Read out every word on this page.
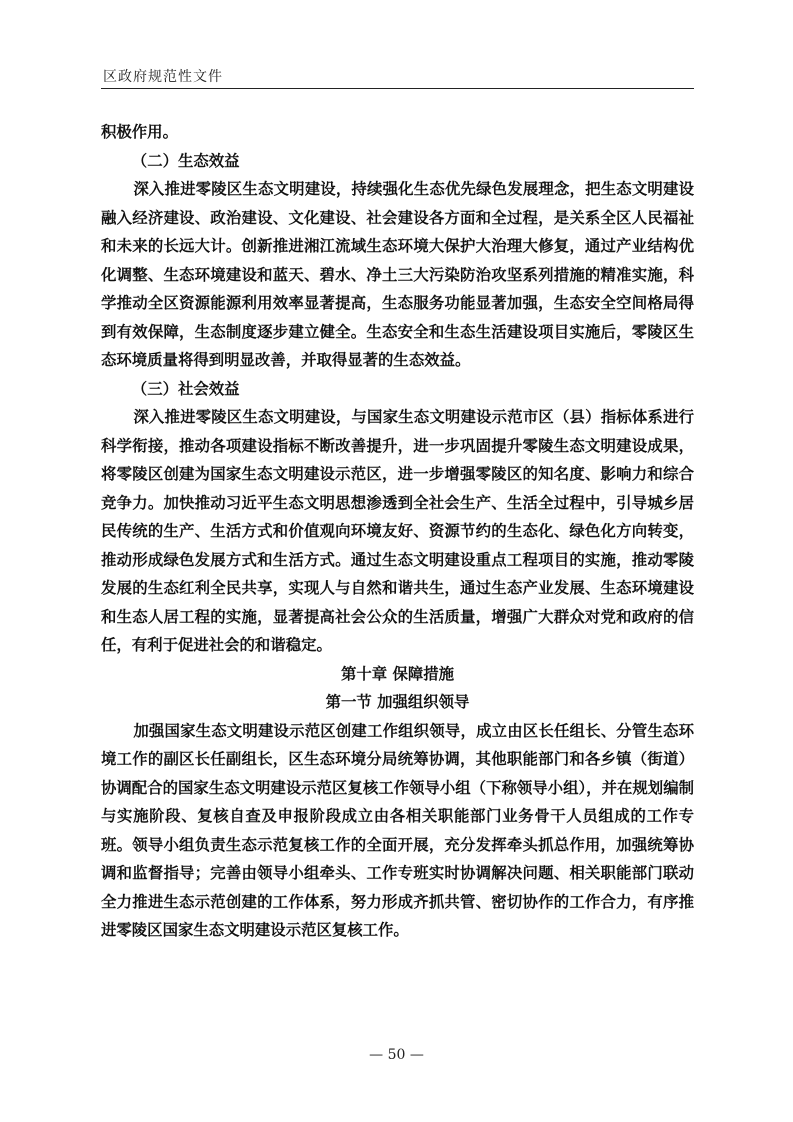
区政府规范性文件

积极作用。

（二）生态效益

深入推进零陵区生态文明建设，持续强化生态优先绿色发展理念，把生态文明建设融入经济建设、政治建设、文化建设、社会建设各方面和全过程，是关系全区人民福祉和未来的长远大计。创新推进湘江流域生态环境大保护大治理大修复，通过产业结构优化调整、生态环境建设和蓝天、碧水、净土三大污染防治攻坚系列措施的精准实施，科学推动全区资源能源利用效率显著提高，生态服务功能显著加强，生态安全空间格局得到有效保障，生态制度逐步建立健全。生态安全和生态生活建设项目实施后，零陵区生态环境质量将得到明显改善，并取得显著的生态效益。

（三）社会效益

深入推进零陵区生态文明建设，与国家生态文明建设示范市区（县）指标体系进行科学衔接，推动各项建设指标不断改善提升，进一步巩固提升零陵生态文明建设成果，将零陵区创建为国家生态文明建设示范区，进一步增强零陵区的知名度、影响力和综合竞争力。加快推动习近平生态文明思想渗透到全社会生产、生活全过程中，引导城乡居民传统的生产、生活方式和价值观向环境友好、资源节约的生态化、绿色化方向转变，推动形成绿色发展方式和生活方式。通过生态文明建设重点工程项目的实施，推动零陵发展的生态红利全民共享，实现人与自然和谐共生，通过生态产业发展、生态环境建设和生态人居工程的实施，显著提高社会公众的生活质量，增强广大群众对党和政府的信任，有利于促进社会的和谐稳定。

第十章 保障措施
第一节 加强组织领导

加强国家生态文明建设示范区创建工作组织领导，成立由区长任组长、分管生态环境工作的副区长任副组长，区生态环境分局统筹协调，其他职能部门和各乡镇（街道）协调配合的国家生态文明建设示范区复核工作领导小组（下称领导小组），并在规划编制与实施阶段、复核自查及申报阶段成立由各相关职能部门业务骨干人员组成的工作专班。领导小组负责生态示范复核工作的全面开展，充分发挥牵头抓总作用，加强统筹协调和监督指导；完善由领导小组牵头、工作专班实时协调解决问题、相关职能部门联动全力推进生态示范创建的工作体系，努力形成齐抓共管、密切协作的工作合力，有序推进零陵区国家生态文明建设示范区复核工作。

— 50 —
